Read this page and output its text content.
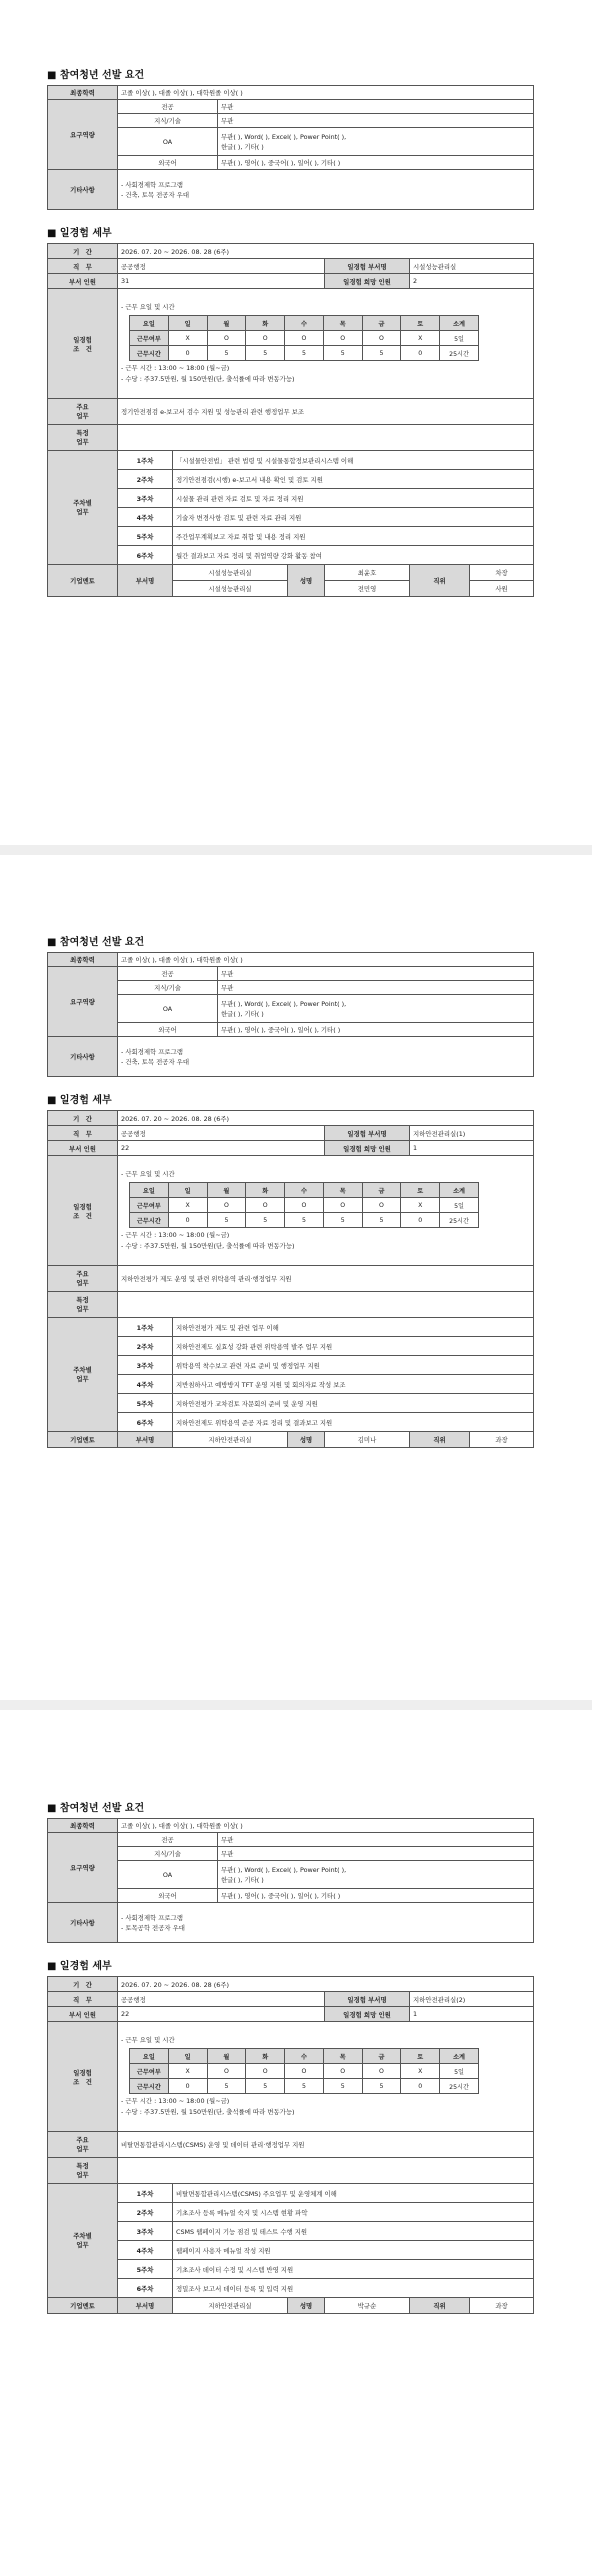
■ 참여청년 선발 요건
최종학력	고졸 이상( ), 대졸 이상( ), 대학원졸 이상( )	
요구역량	전공	무관
	지식/기술	무관
	OA	무관( ), Word( ), Excel( ), Power Point( ),
한글( ), 기타( )

	외국어	무관( ), 영어( ), 중국어( ), 일어( ), 기타( )
기타사항	- 사회경제학 프로그램
- 건축, 토목 전공자 우대	
■ 일경험 세부
기　간	2026. 07. 20 ~ 2026. 08. 28 (6주)
직　무	공공행정	일경험 부서명	시설성능관리실
부서 인원	31	일경험 희망 인원	2
일경험
조　건	
- 근무 요일 및 시간
요일	일	월	화	수	목	금	토	소계
근무여부	X	O	O	O	O	O	X	5일
근무시간	0	5	5	5	5	5	0	25시간
- 근무 시간 : 13:00 ~ 18:00 (월~금)
- 수당 : 주37.5만원, 월 150만원(단, 출석률에 따라 변동가능)

주요
업무	정기안전점검 e-보고서 검수 지원 및 성능관리 관련 행정업무 보조
특정
업무	
주차별
업무	1주차	「시설물안전법」 관련 법령 및 시설물통합정보관리시스템 이해
2주차	정기안전점검(시행) e-보고서 내용 확인 및 검토 지원
3주차	시설물 관리 관련 자료 검토 및 자료 정리 지원
4주차	기술자 변경사항 검토 및 관련 자료 관리 지원
5주차	주간업무계획보고 자료 취합 및 내용 정리 지원
6주차	월간 결과보고 자료 정리 및 취업역량 강화 활동 참여
기업멘토	부서명	시설성능관리실	성명	최윤호	직위	차장
시설성능관리실	전민영	사원
■ 참여청년 선발 요건
최종학력	고졸 이상( ), 대졸 이상( ), 대학원졸 이상( )	
요구역량	전공	무관
	지식/기술	무관
	OA	무관( ), Word( ), Excel( ), Power Point( ),
한글( ), 기타( )

	외국어	무관( ), 영어( ), 중국어( ), 일어( ), 기타( )
기타사항	- 사회경제학 프로그램
- 건축, 토목 전공자 우대	
■ 일경험 세부
기　간	2026. 07. 20 ~ 2026. 08. 28 (6주)
직　무	공공행정	일경험 부서명	지하안전관리실(1)
부서 인원	22	일경험 희망 인원	1
일경험
조　건	
- 근무 요일 및 시간
요일	일	월	화	수	목	금	토	소계
근무여부	X	O	O	O	O	O	X	5일
근무시간	0	5	5	5	5	5	0	25시간
- 근무 시간 : 13:00 ~ 18:00 (월~금)
- 수당 : 주37.5만원, 월 150만원(단, 출석률에 따라 변동가능)

주요
업무	지하안전평가 제도 운영 및 관련 위탁용역 관리·행정업무 지원
특정
업무	
주차별
업무	1주차	지하안전평가 제도 및 관련 업무 이해
2주차	지하안전제도 실효성 강화 관련 위탁용역 발주 업무 지원
3주차	위탁용역 착수보고 관련 자료 준비 및 행정업무 지원
4주차	지반침하사고 예방방지 TFT 운영 지원 및 회의자료 작성 보조
5주차	지하안전평가 교차검토 자문회의 준비 및 운영 지원
6주차	지하안전제도 위탁용역 준공 자료 정리 및 결과보고 지원
기업멘토	부서명	지하안전관리실	성명	김미나	직위	과장
■ 참여청년 선발 요건
최종학력	고졸 이상( ), 대졸 이상( ), 대학원졸 이상( )	
요구역량	전공	무관
	지식/기술	무관
	OA	무관( ), Word( ), Excel( ), Power Point( ),
한글( ), 기타( )

	외국어	무관( ), 영어( ), 중국어( ), 일어( ), 기타( )
기타사항	- 사회경제학 프로그램
- 토목공학 전공자 우대	
■ 일경험 세부
기　간	2026. 07. 20 ~ 2026. 08. 28 (6주)
직　무	공공행정	일경험 부서명	지하안전관리실(2)
부서 인원	22	일경험 희망 인원	1
일경험
조　건	
- 근무 요일 및 시간
요일	일	월	화	수	목	금	토	소계
근무여부	X	O	O	O	O	O	X	5일
근무시간	0	5	5	5	5	5	0	25시간
- 근무 시간 : 13:00 ~ 18:00 (월~금)
- 수당 : 주37.5만원, 월 150만원(단, 출석률에 따라 변동가능)

주요
업무	비탈면통합관리시스템(CSMS) 운영 및 데이터 관리·행정업무 지원
특정
업무	
주차별
업무	1주차	비탈면통합관리시스템(CSMS) 주요업무 및 운영체계 이해
2주차	기초조사 등록 메뉴얼 숙지 및 시스템 현황 파악
3주차	CSMS 웹페이지 기능 점검 및 테스트 수행 지원
4주차	웹페이지 사용자 메뉴얼 작성 지원
5주차	기초조사 데이터 수정 및 시스템 반영 지원
6주차	정밀조사 보고서 데이터 등록 및 입력 지원
기업멘토	부서명	지하안전관리실	성명	박규순	직위	과장
